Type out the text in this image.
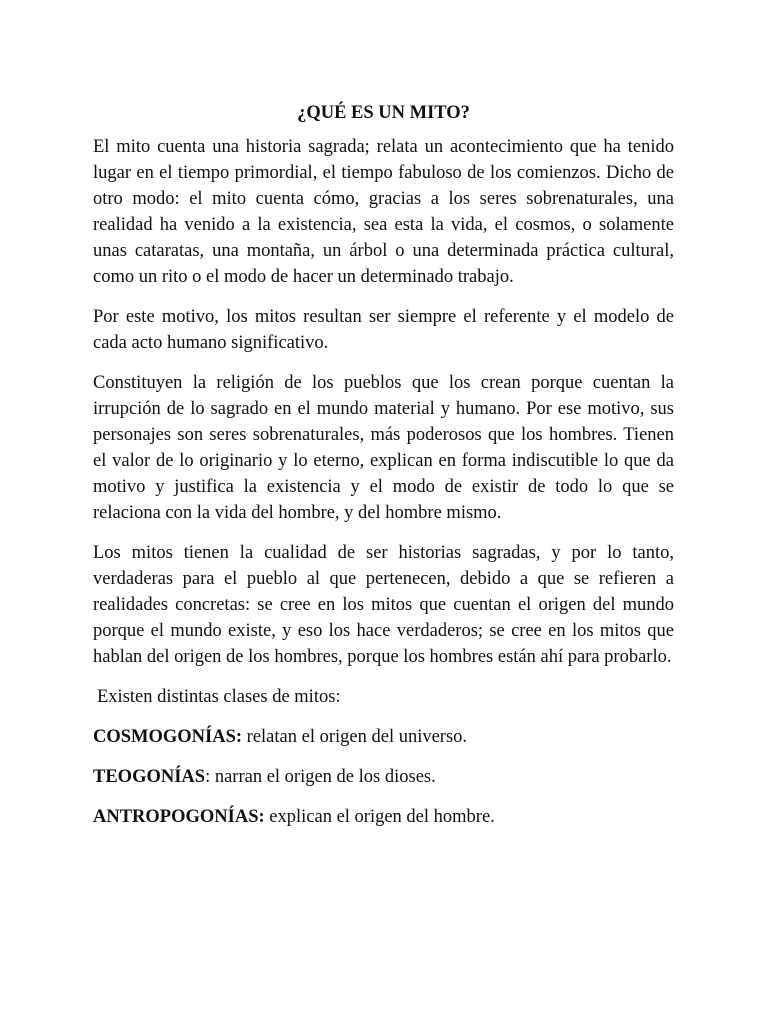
¿QUÉ ES UN MITO?

El mito cuenta una historia sagrada; relata un acontecimiento que ha tenido lugar en el tiempo primordial, el tiempo fabuloso de los comienzos. Dicho de otro modo: el mito cuenta cómo, gracias a los seres sobrenaturales, una realidad ha venido a la existencia, sea esta la vida, el cosmos, o solamente unas cataratas, una montaña, un árbol o una determinada práctica cultural, como un rito o el modo de hacer un determinado trabajo.

Por este motivo, los mitos resultan ser siempre el referente y el modelo de cada acto humano significativo.

Constituyen la religión de los pueblos que los crean porque cuentan la irrupción de lo sagrado en el mundo material y humano. Por ese motivo, sus personajes son seres sobrenaturales, más poderosos que los hombres. Tienen el valor de lo originario y lo eterno, explican en forma indiscutible lo que da motivo y justifica la existencia y el modo de existir de todo lo que se relaciona con la vida del hombre, y del hombre mismo.

Los mitos tienen la cualidad de ser historias sagradas, y por lo tanto, verdaderas para el pueblo al que pertenecen, debido a que se refieren a realidades concretas: se cree en los mitos que cuentan el origen del mundo porque el mundo existe, y eso los hace verdaderos; se cree en los mitos que hablan del origen de los hombres, porque los hombres están ahí para probarlo.

Existen distintas clases de mitos:

COSMOGONÍAS: relatan el origen del universo.

TEOGONÍAS: narran el origen de los dioses.

ANTROPOGONÍAS: explican el origen del hombre.
